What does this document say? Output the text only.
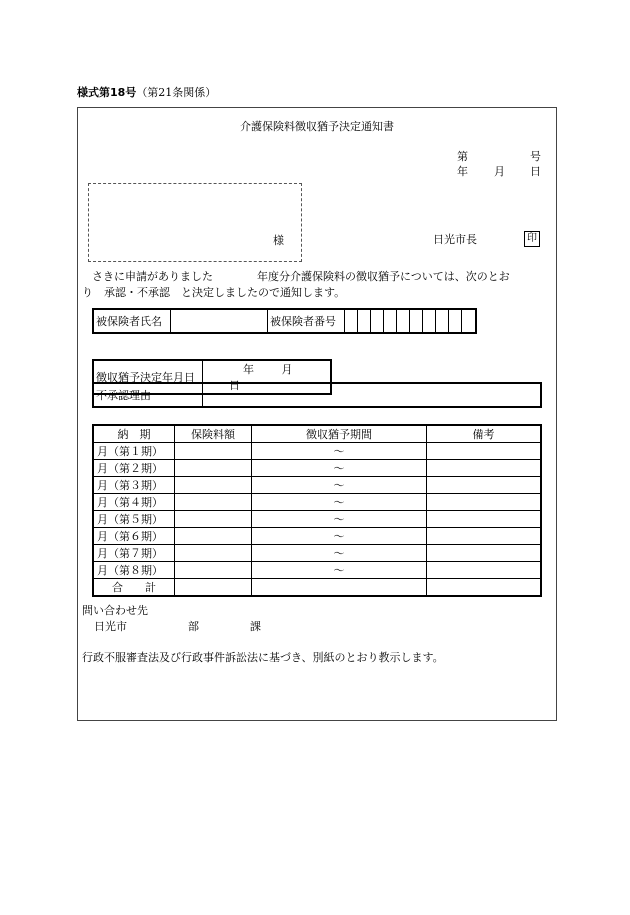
様式第18号（第21条関係）
介護保険料徴収猶予決定通知書
第	号
年 月 日
様	日光市長	印
さきに申請がありました　　　　年度分介護保険料の徴収猶予については、次のとお
り　承認・不承認　と決定しましたので通知します。
被保険者氏名		被保険者番号										
徴収猶予決定年月日	年	月 日
不承認理由	
納　期	保険料額	徴収猶予期間	備考
月（第１期）		～	
月（第２期）		～	
月（第３期）		～	
月（第４期）		～	
月（第５期）		～	
月（第６期）		～	
月（第７期）		～	
月（第８期）		～	
合　　計			
問い合わせ先
日光市	部	課
行政不服審査法及び行政事件訴訟法に基づき、別紙のとおり教示します。
